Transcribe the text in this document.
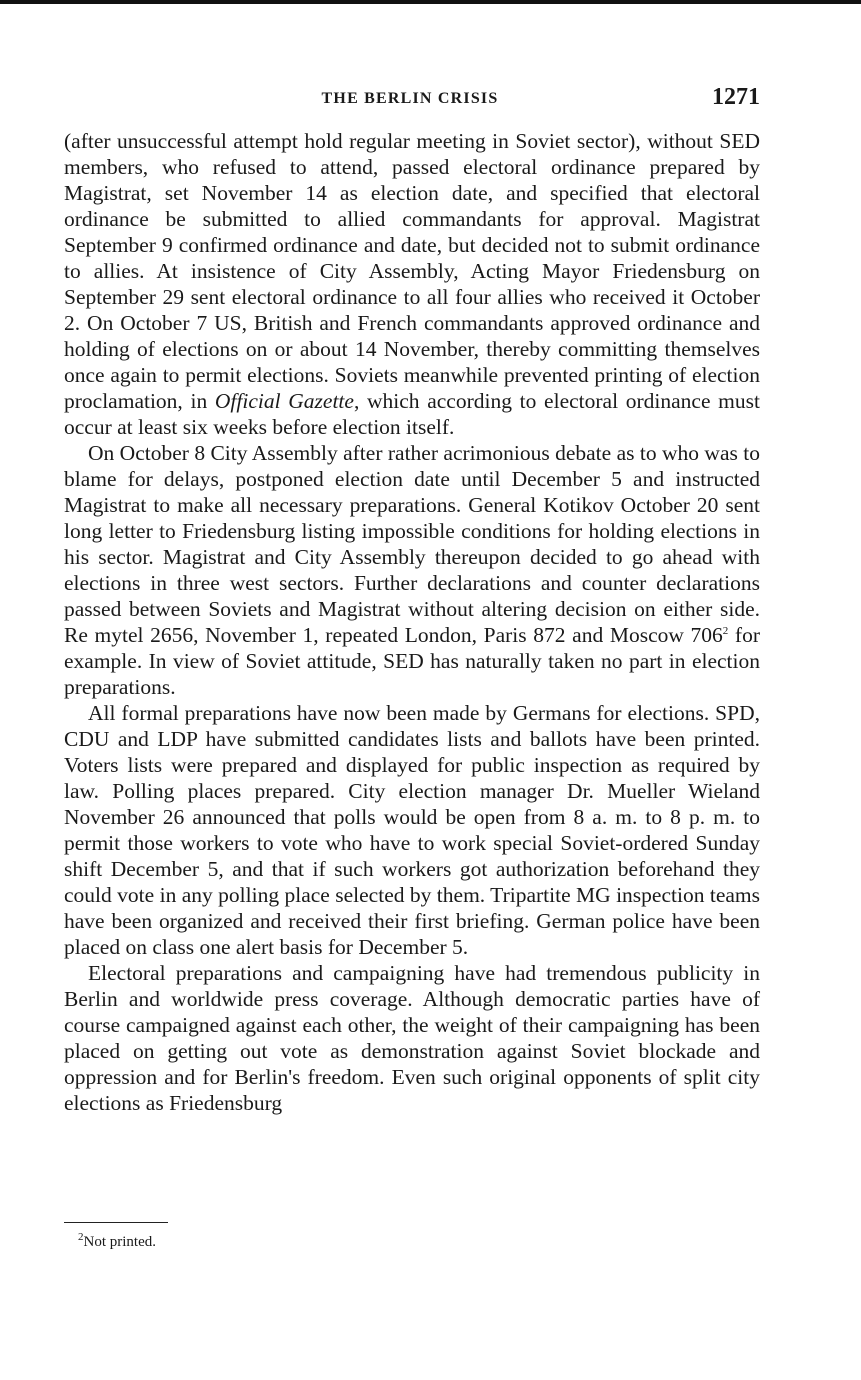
THE BERLIN CRISIS	1271

(after unsuccessful attempt hold regular meeting in Soviet sector), without SED members, who refused to attend, passed electoral ordinance prepared by Magistrat, set November 14 as election date, and specified that electoral ordinance be submitted to allied commandants for approval. Magistrat September 9 confirmed ordinance and date, but decided not to submit ordinance to allies. At insistence of City Assembly, Acting Mayor Friedensburg on September 29 sent electoral ordinance to all four allies who received it October 2. On October 7 US, British and French commandants approved ordinance and holding of elections on or about 14 November, thereby committing themselves once again to permit elections. Soviets meanwhile prevented printing of election proclamation, in Official Gazette, which according to electoral ordinance must occur at least six weeks before election itself.

On October 8 City Assembly after rather acrimonious debate as to who was to blame for delays, postponed election date until December 5 and instructed Magistrat to make all necessary preparations. General Kotikov October 20 sent long letter to Friedensburg listing impossible conditions for holding elections in his sector. Magistrat and City Assembly thereupon decided to go ahead with elections in three west sectors. Further declarations and counter declarations passed between Soviets and Magistrat without altering decision on either side. Re mytel 2656, November 1, repeated London, Paris 872 and Moscow $706^2$ for example. In view of Soviet attitude, SED has naturally taken no part in election preparations.

All formal preparations have now been made by Germans for elections. SPD, CDU and LDP have submitted candidates lists and ballots have been printed. Voters lists were prepared and displayed for public inspection as required by law. Polling places prepared. City election manager Dr. Mueller Wieland November 26 announced that polls would be open from 8 a. m. to 8 p. m. to permit those workers to vote who have to work special Soviet-ordered Sunday shift December 5, and that if such workers got authorization beforehand they could vote in any polling place selected by them. Tripartite MG inspection teams have been organized and received their first briefing. German police have been placed on class one alert basis for December 5.

Electoral preparations and campaigning have had tremendous publicity in Berlin and worldwide press coverage. Although democratic parties have of course campaigned against each other, the weight of their campaigning has been placed on getting out vote as demonstration against Soviet blockade and oppression and for Berlin's freedom. Even such original opponents of split city elections as Friedensburg

$^2$Not printed.
